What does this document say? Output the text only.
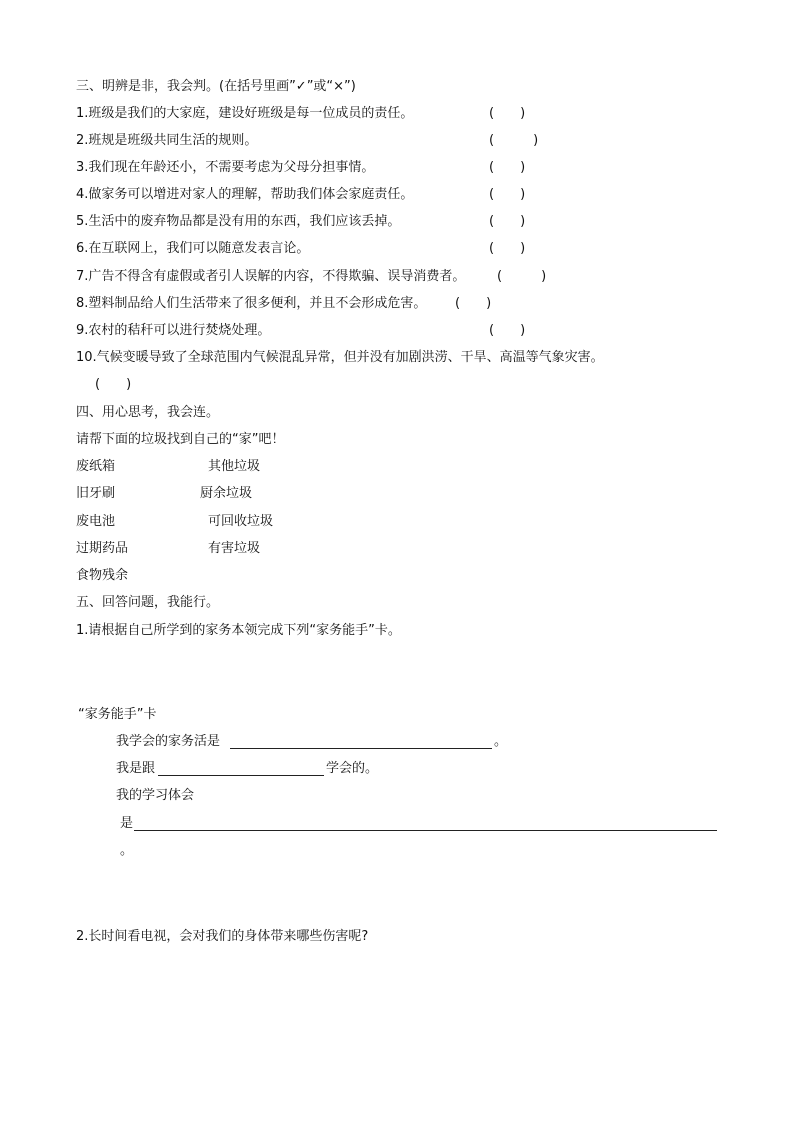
三、明辨是非，我会判。(在括号里画”✓”或“×”)
1.班级是我们的大家庭，建设好班级是每一位成员的责任。	(　　)
2.班规是班级共同生活的规则。	(　　　)
3.我们现在年龄还小，不需要考虑为父母分担事情。	(　　)
4.做家务可以增进对家人的理解，帮助我们体会家庭责任。	(　　)
5.生活中的废弃物品都是没有用的东西，我们应该丢掉。	(　　)
6.在互联网上，我们可以随意发表言论。	(　　)
7.广告不得含有虚假或者引人误解的内容，不得欺骗、误导消费者。 (　　　)
8.塑料制品给人们生活带来了很多便利，并且不会形成危害。 (　　)
9.农村的秸秆可以进行焚烧处理。	(　　)
10.气候变暖导致了全球范围内气候混乱异常，但并没有加剧洪涝、干旱、高温等气象灾害。
(　　)
四、用心思考，我会连。
请帮下面的垃圾找到自己的“家”吧！
废纸箱	其他垃圾
旧牙刷	厨余垃圾
废电池	可回收垃圾
过期药品	有害垃圾
食物残余
五、回答问题，我能行。
1.请根据自己所学到的家务本领完成下列“家务能手”卡。
“家务能手”卡
我学会的家务活是	。
我是跟	学会的。
我的学习体会
是
。
2.长时间看电视，会对我们的身体带来哪些伤害呢?
